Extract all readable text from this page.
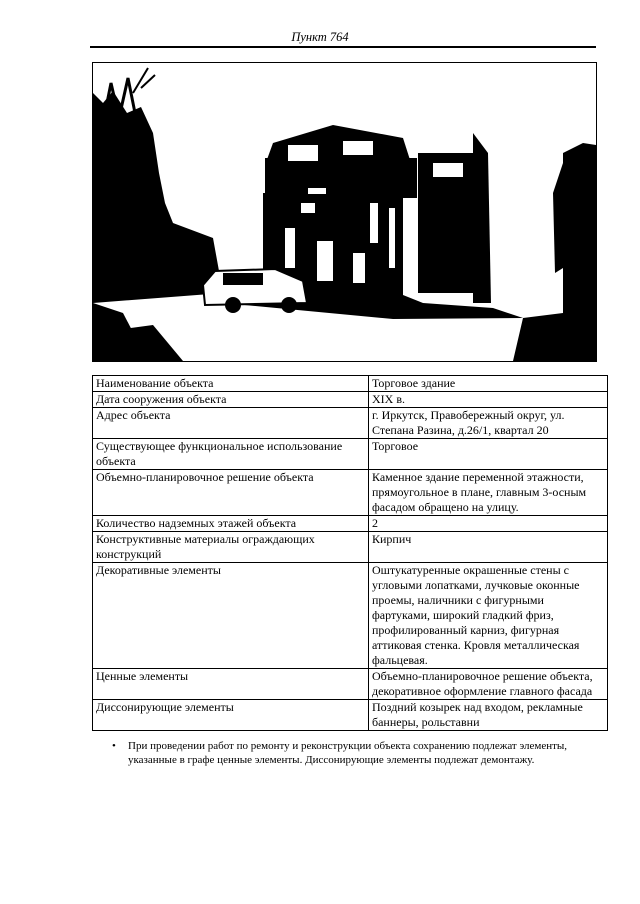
Пункт 764
Наименование объекта	Торговое здание
Дата сооружения объекта	XIX в.
Адрес объекта	г. Иркутск, Правобережный округ, ул. Степана Разина, д.26/1, квартал 20
Существующее функциональное использование объекта	Торговое
Объемно-планировочное решение объекта	Каменное здание переменной этажности, прямоугольное в плане, главным 3-осным фасадом обращено на улицу.
Количество надземных этажей объекта	2
Конструктивные материалы ограждающих конструкций	Кирпич
Декоративные элементы	Оштукатуренные окрашенные стены с угловыми лопатками, лучковые оконные проемы, наличники с фигурными фартуками, широкий гладкий фриз, профилированный карниз, фигурная аттиковая стенка. Кровля металлическая фальцевая.
Ценные элементы	Объемно-планировочное решение объекта, декоративное оформление главного фасада
Диссонирующие элементы	Поздний козырек над входом, рекламные баннеры, рольставни
• При проведении работ по ремонту и реконструкции объекта сохранению подлежат элементы, указанные в графе ценные элементы. Диссонирующие элементы подлежат демонтажу.
